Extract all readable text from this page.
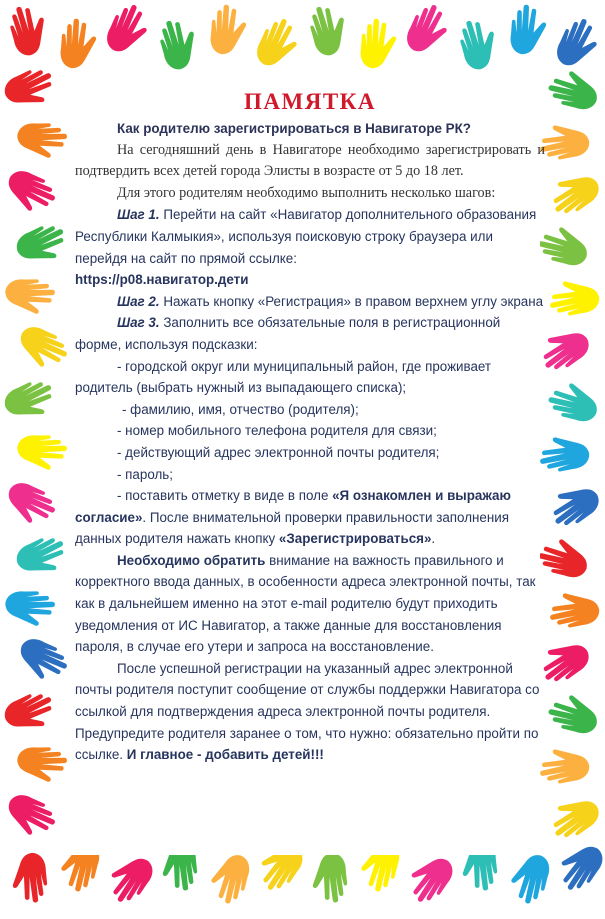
ПАМЯТКА

Как родителю зарегистрироваться в Навигаторе РК?

На сегодняшний день в Навигаторе необходимо зарегистрировать и подтвердить всех детей города Элисты в возрасте от 5 до 18 лет.

Для этого родителям необходимо выполнить несколько шагов:

Шаг 1. Перейти на сайт «Навигатор дополнительного образования Республики Калмыкия», используя поисковую строку браузера или перейдя на сайт по прямой ссылке:

https://p08.навигатор.дети

Шаг 2. Нажать кнопку «Регистрация» в правом верхнем углу экрана

Шаг 3. Заполнить все обязательные поля в регистрационной форме, используя подсказки:

- городской округ или муниципальный район, где проживает родитель (выбрать нужный из выпадающего списка);

- фамилию, имя, отчество (родителя);

- номер мобильного телефона родителя для связи;

- действующий адрес электронной почты родителя;

- пароль;

- поставить отметку в виде в поле «Я ознакомлен и выражаю согласие». После внимательной проверки правильности заполнения данных родителя нажать кнопку «Зарегистрироваться».

Необходимо обратить внимание на важность правильного и корректного ввода данных, в особенности адреса электронной почты, так как в дальнейшем именно на этот e-mail родителю будут приходить уведомления от ИС Навигатор, а также данные для восстановления пароля, в случае его утери и запроса на восстановление.

После успешной регистрации на указанный адрес электронной почты родителя поступит сообщение от службы поддержки Навигатора со ссылкой для подтверждения адреса электронной почты родителя. Предупредите родителя заранее о том, что нужно: обязательно пройти по ссылке. И главное - добавить детей!!!
